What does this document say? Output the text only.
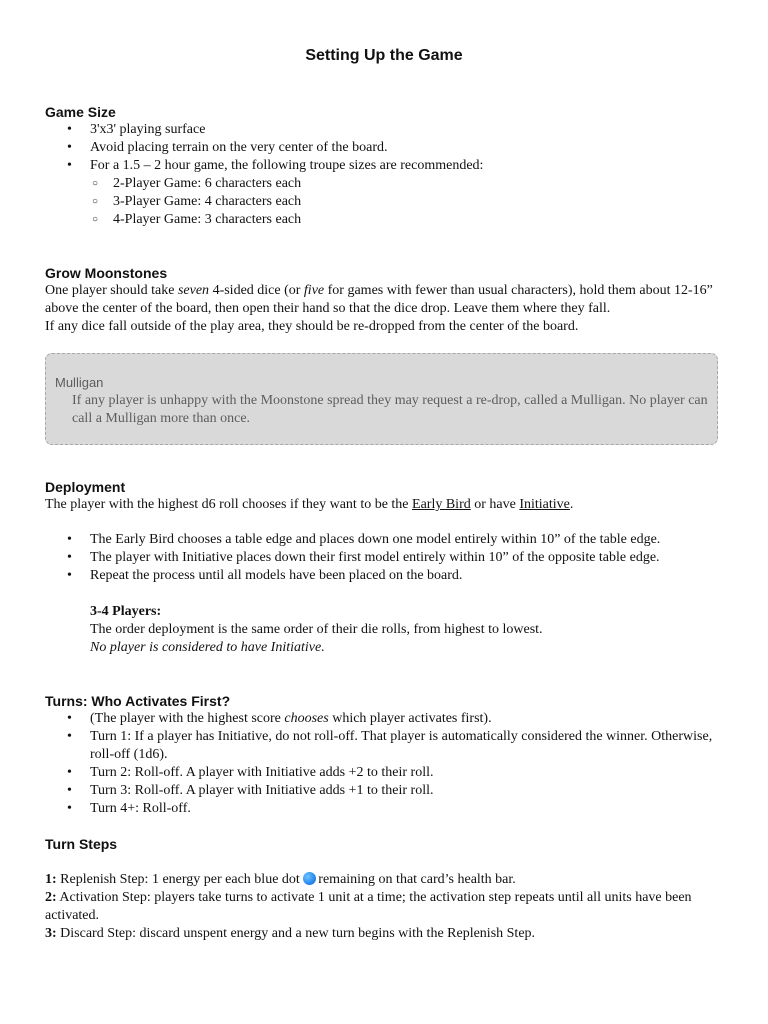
Setting Up the Game
Game Size
• 3'x3' playing surface
• Avoid placing terrain on the very center of the board.
• For a 1.5 – 2 hour game, the following troupe sizes are recommended:
○ 2-Player Game: 6 characters each
○ 3-Player Game: 4 characters each
○ 4-Player Game: 3 characters each
Grow Moonstones

One player should take seven 4-sided dice (or five for games with fewer than usual characters), hold them about 12-16” above the center of the board, then open their hand so that the dice drop. Leave them where they fall.
If any dice fall outside of the play area, they should be re-dropped from the center of the board.

Mulligan

If any player is unhappy with the Moonstone spread they may request a re-drop, called a Mulligan. No player can call a Mulligan more than once.

Deployment

The player with the highest d6 roll chooses if they want to be the Early Bird or have Initiative.

• The Early Bird chooses a table edge and places down one model entirely within 10” of the table edge.
• The player with Initiative places down their first model entirely within 10” of the opposite table edge.
• Repeat the process until all models have been placed on the board.
3-4 Players:
The order deployment is the same order of their die rolls, from highest to lowest.
No player is considered to have Initiative.
Turns: Who Activates First?
• (The player with the highest score chooses which player activates first).
• Turn 1: If a player has Initiative, do not roll-off. That player is automatically considered the winner. Otherwise, roll-off (1d6).
• Turn 2: Roll-off. A player with Initiative adds +2 to their roll.
• Turn 3: Roll-off. A player with Initiative adds +1 to their roll.
• Turn 4+: Roll-off.
Turn Steps
1: Replenish Step: 1 energy per each blue dot remaining on that card’s health bar.
2: Activation Step: players take turns to activate 1 unit at a time; the activation step repeats until all units have been activated.
3: Discard Step: discard unspent energy and a new turn begins with the Replenish Step.
